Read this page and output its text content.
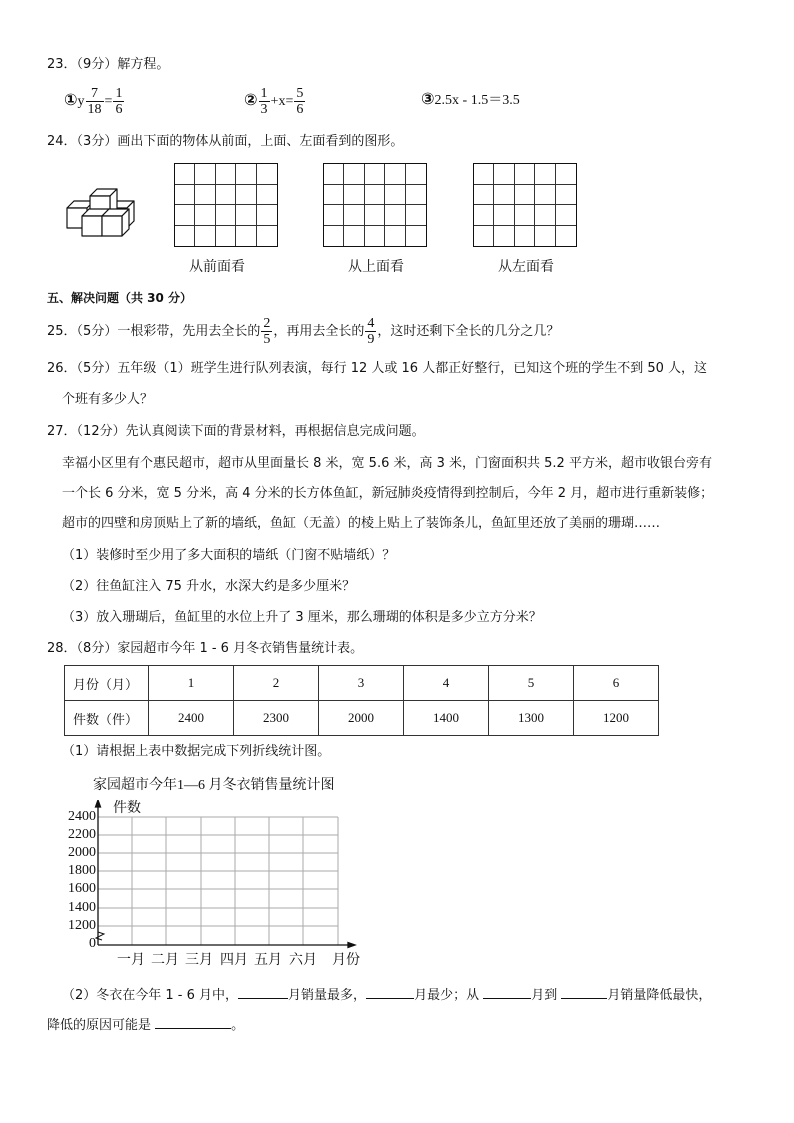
23．（9分）解方程。
①y $\frac{7}{18} = \frac{1}{6}$	② $\frac{1}{3} +x= \frac{5}{6}$	③2.5x - 1.5＝3.5
24．（3分）画出下面的物体从前面，上面、左面看到的图形。
从前面看	从上面看	从左面看
五、解决问题（共 30 分）
25．（5分）一根彩带，先用去全长的 $\frac{2}{5}$ ，再用去全长的 $\frac{4}{9}$ ，这时还剩下全长的几分之几？
26．（5分）五年级（1）班学生进行队列表演，每行 12 人或 16 人都正好整行，已知这个班的学生不到 50 人，这
个班有多少人？
27．（12分）先认真阅读下面的背景材料，再根据信息完成问题。
幸福小区里有个惠民超市，超市从里面量长 8 米，宽 5.6 米，高 3 米，门窗面积共 5.2 平方米，超市收银台旁有
一个长 6 分米，宽 5 分米，高 4 分米的长方体鱼缸，新冠肺炎疫情得到控制后，今年 2 月，超市进行重新装修；
超市的四壁和房顶贴上了新的墙纸，鱼缸（无盖）的棱上贴上了装饰条儿，鱼缸里还放了美丽的珊瑚……
（1）装修时至少用了多大面积的墙纸（门窗不贴墙纸）？
（2）往鱼缸注入 75 升水，水深大约是多少厘米？
（3）放入珊瑚后，鱼缸里的水位上升了 3 厘米，那么珊瑚的体积是多少立方分米？
28．（8分）家园超市今年 1 - 6 月冬衣销售量统计表。
月份（月）	1	2	3	4	5	6
件数（件）	2400	2300	2000	1400	1300	1200
（1）请根据上表中数据完成下列折线统计图。
家园超市今年1—6 月冬衣销售量统计图
件数
2400
2200
2000
1800
1600
1400
1200
0
一月 二月 三月 四月 五月 六月 月份
（2）冬衣在今年 1 - 6 月中，	月销量最多，	月最少；从	月到	月销量降低最快，
降低的原因可能是	。
